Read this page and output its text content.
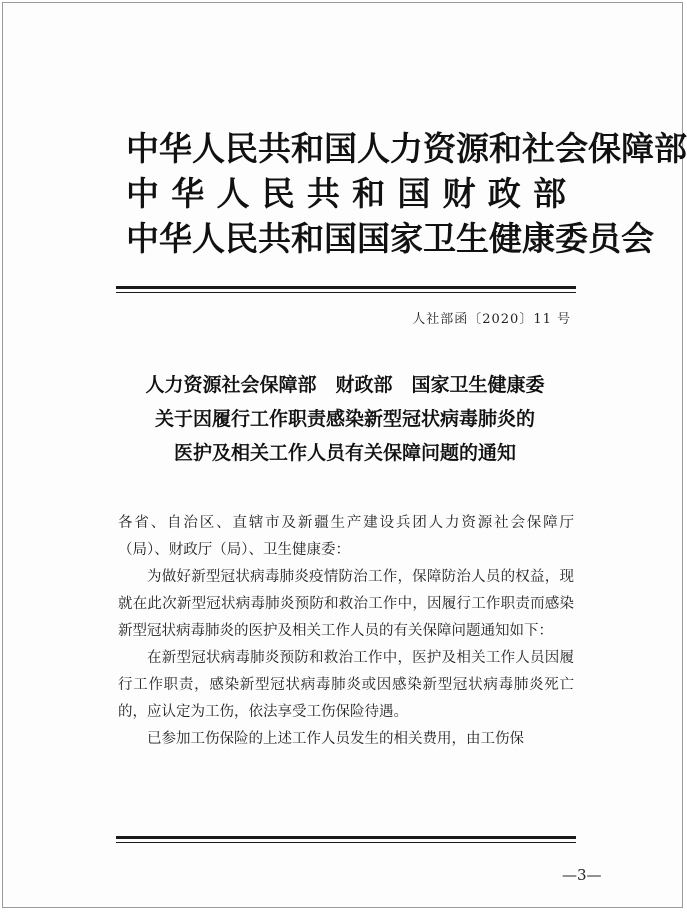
中 华 人 民 共 和 国 人 力 资 源 和 社 会 保 障 部
中 华 人 民 共 和 国 财 政 部
中 华 人 民 共 和 国 国 家 卫 生 健 康 委 员 会
人社部函〔2020〕11 号
人力资源社会保障部　财政部　国家卫生健康委
关于因履行工作职责感染新型冠状病毒肺炎的
医护及相关工作人员有关保障问题的通知

各省、自治区、直辖市及新疆生产建设兵团人力资源社会保障厅（局）、财政厅（局）、卫生健康委：

为做好新型冠状病毒肺炎疫情防治工作，保障防治人员的权益，现就在此次新型冠状病毒肺炎预防和救治工作中，因履行工作职责而感染新型冠状病毒肺炎的医护及相关工作人员的有关保障问题通知如下：

在新型冠状病毒肺炎预防和救治工作中，医护及相关工作人员因履行工作职责，感染新型冠状病毒肺炎或因感染新型冠状病毒肺炎死亡的，应认定为工伤，依法享受工伤保险待遇。

已参加工伤保险的上述工作人员发生的相关费用，由工伤保

—3—
